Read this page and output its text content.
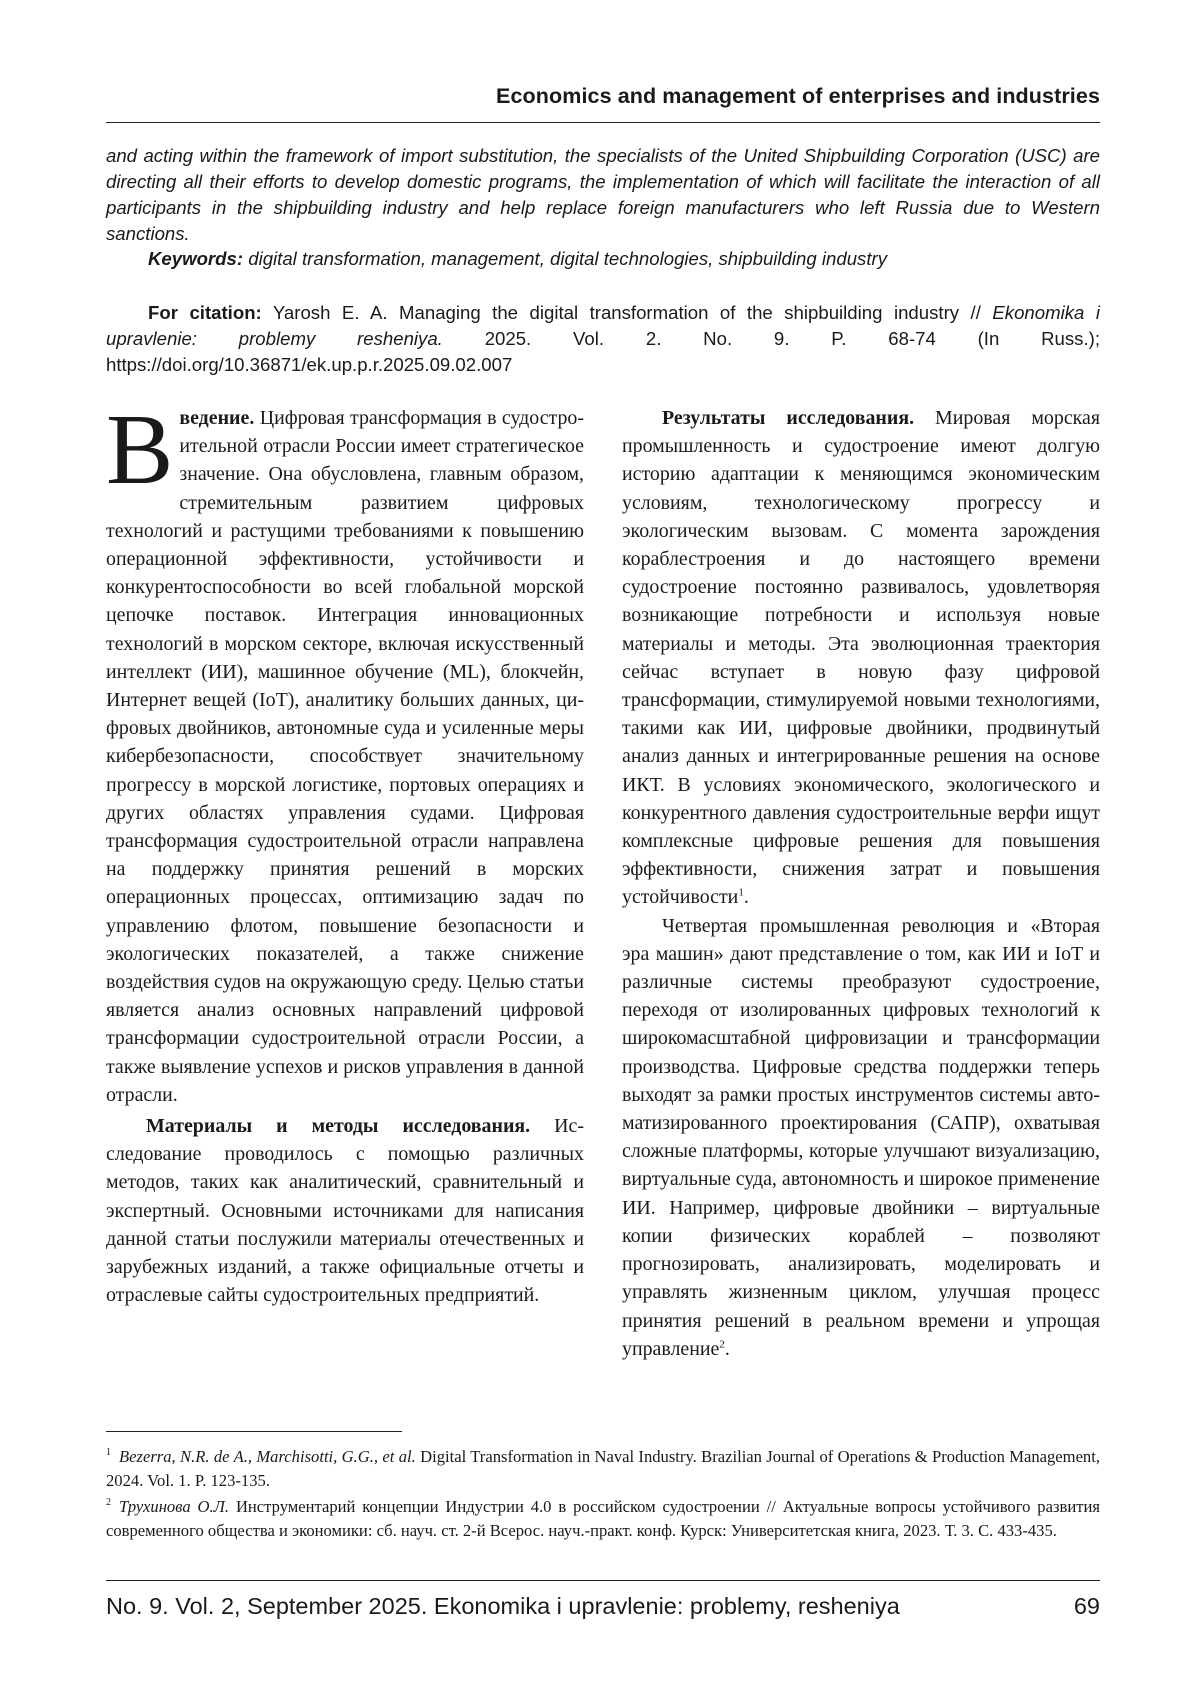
Economics and management of enterprises and industries
and acting within the framework of import substitution, the specialists of the United Shipbuilding Corporation (USC) are directing all their efforts to develop domestic programs, the implementation of which will facilitate the interaction of all participants in the shipbuilding industry and help replace foreign manufacturers who left Russia due to Western sanctions.
Keywords: digital transformation, management, digital technologies, shipbuilding industry
For citation: Yarosh E. A. Managing the digital transformation of the shipbuilding industry // Ekonomika i upravlenie: problemy resheniya. 2025. Vol. 2. No. 9. P. 68-74 (In Russ.); https://doi.org/10.36871/ek.up.p.r.2025.09.02.007

Введение. Цифровая трансформация в судостроительной отрасли России имеет стратегическое значение. Она обусловлена, главным образом, стремительным развитием цифровых технологий и растущими требованиями к повышению операционной эффективности, устойчивости и конкурентоспособности во всей глобальной морской цепочке поставок. Интеграция инновационных технологий в морском секторе, включая искусственный интеллект (ИИ), машинное обучение (ML), блокчейн, Интернет вещей (IoT), аналитику больших данных, цифровых двойников, автономные суда и усиленные меры кибербезопасности, способствует значительному прогрессу в морской логистике, портовых операциях и других областях управления судами. Цифровая трансформация судостроительной отрасли направлена на поддержку принятия решений в морских операционных процессах, оптимизацию задач по управлению флотом, повышение безопасности и экологических показателей, а также снижение воздействия судов на окружающую среду. Целью статьи является анализ основных направлений цифровой трансформации судостроительной отрасли России, а также выявление успехов и рисков управления в данной отрасли.

Материалы и методы исследования. Исследование проводилось с помощью различных методов, таких как аналитический, сравнительный и экспертный. Основными источниками для написания данной статьи послужили материалы отечественных и зарубежных изданий, а также официальные отчеты и отраслевые сайты судостроительных предприятий.

Результаты исследования. Мировая морская промышленность и судостроение имеют долгую историю адаптации к меняющимся экономическим условиям, технологическому прогрессу и экологическим вызовам. С момента зарождения кораблестроения и до настоящего времени судостроение постоянно развивалось, удовлетворяя возникающие потребности и используя новые материалы и методы. Эта эволюционная траектория сейчас вступает в новую фазу цифровой трансформации, стимулируемой новыми технологиями, такими как ИИ, цифровые двойники, продвинутый анализ данных и интегрированные решения на основе ИКТ. В условиях экономического, экологического и конкурентного давления судостроительные верфи ищут комплексные цифровые решения для повышения эффективности, снижения затрат и повышения устойчивости$^1$.

Четвертая промышленная революция и «Вторая эра машин» дают представление о том, как ИИ и IoT и различные системы преобразуют судостроение, переходя от изолированных цифровых технологий к широкомасштабной цифровизации и трансформации производства. Цифровые средства поддержки теперь выходят за рамки простых инструментов системы автоматизированного проектирования (САПР), охватывая сложные платформы, которые улучшают визуализацию, виртуальные суда, автономность и широкое применение ИИ. Например, цифровые двойники – виртуальные копии физических кораблей – позволяют прогнозировать, анализировать, моделировать и управлять жизненным циклом, улучшая процесс принятия решений в реальном времени и упрощая управление$^2$.

$^1$ Bezerra, N.R. de A., Marchisotti, G.G., et al. Digital Transformation in Naval Industry. Brazilian Journal of Operations & Production Management, 2024. Vol. 1. P. 123-135.
$^2$ Трухинова О.Л. Инструментарий концепции Индустрии 4.0 в российском судостроении // Актуальные вопросы устойчивого развития современного общества и экономики: сб. науч. ст. 2-й Всерос. науч.-практ. конф. Курск: Университетская книга, 2023. Т. 3. С. 433-435.
No. 9. Vol. 2, September 2025. Ekonomika i upravlenie: problemy, resheniya	69
